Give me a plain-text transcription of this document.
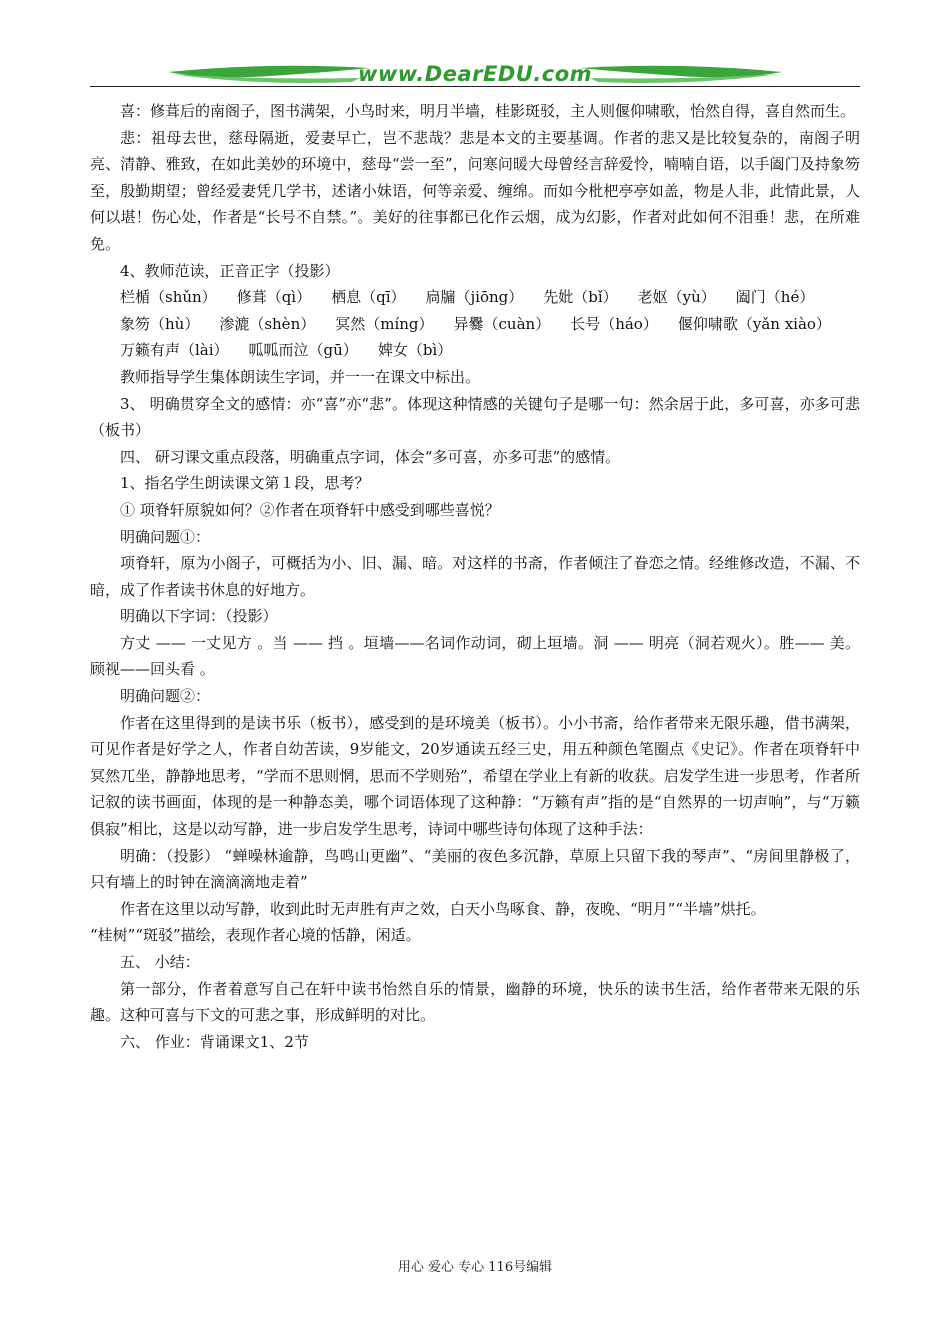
www.DearEDU.com

喜：修葺后的南阁子，图书满架，小鸟时来，明月半墙，桂影斑驳，主人则偃仰啸歌，怡然自得，喜自然而生。

悲：祖母去世，慈母隔逝，爱妻早亡，岂不悲哉？悲是本文的主要基调。作者的悲又是比较复杂的，南阁子明亮、清静、雅致，在如此美妙的环境中，慈母“尝一至”，问寒问暖大母曾经言辞爱怜，喃喃自语，以手阖门及持象笏至，殷勤期望；曾经爱妻凭几学书，述诸小妹语，何等亲爱、缠绵。而如今枇杷亭亭如盖，物是人非，此情此景，人何以堪！伤心处，作者是“长号不自禁。”。美好的往事都已化作云烟，成为幻影，作者对此如何不泪垂！悲，在所难免。

4、教师范读，正音正字（投影）

栏楯（shǔn） 修葺（qì） 栖息（qī） 扃牖（jiōng） 先妣（bǐ） 老妪（yù） 阖门（hé）
象笏（hù） 渗漉（shèn） 冥然（míng） 异爨（cuàn） 长号（háo） 偃仰啸歌（yǎn xiào）
万籁有声（lài） 呱呱而泣（gū） 婢女（bì）

教师指导学生集体朗读生字词，并一一在课文中标出。

3、 明确贯穿全文的感情：亦“喜”亦“悲”。体现这种情感的关键句子是哪一句：然余居于此，多可喜，亦多可悲（板书）

四、 研习课文重点段落，明确重点字词，体会“多可喜，亦多可悲”的感情。

1、指名学生朗读课文第１段，思考？

① 项脊轩原貌如何？②作者在项脊轩中感受到哪些喜悦？

明确问题①：

项脊轩，原为小阁子，可概括为小、旧、漏、暗。对这样的书斋，作者倾注了眷恋之情。经维修改造，不漏、不暗，成了作者读书休息的好地方。

明确以下字词：（投影）

方丈 —— 一丈见方 。当 —— 挡 。垣墙——名词作动词，砌上垣墙。洞 —— 明亮（洞若观火）。胜—— 美。顾视——回头看 。

明确问题②：

作者在这里得到的是读书乐（板书），感受到的是环境美（板书）。小小书斋，给作者带来无限乐趣，借书满架，可见作者是好学之人，作者自幼苦读，9岁能文，20岁通读五经三史，用五种颜色笔圈点《史记》。作者在项脊轩中冥然兀坐，静静地思考，“学而不思则惘，思而不学则殆”，希望在学业上有新的收获。启发学生进一步思考，作者所记叙的读书画面，体现的是一种静态美，哪个词语体现了这种静：“万籁有声”指的是“自然界的一切声响”，与“万籁俱寂”相比，这是以动写静，进一步启发学生思考，诗词中哪些诗句体现了这种手法：

明确：（投影） “蝉噪林逾静，鸟鸣山更幽”、“美丽的夜色多沉静，草原上只留下我的琴声”、“房间里静极了，只有墙上的时钟在滴滴滴地走着”

作者在这里以动写静，收到此时无声胜有声之效，白天小鸟啄食、静，夜晚、“明月”“半墙”烘托。

“桂树”“斑驳”描绘，表现作者心境的恬静，闲适。

五、 小结：

第一部分，作者着意写自己在轩中读书怡然自乐的情景，幽静的环境，快乐的读书生活，给作者带来无限的乐趣。这种可喜与下文的可悲之事，形成鲜明的对比。

六、 作业：背诵课文1、2节

用心 爱心 专心 116号编辑
